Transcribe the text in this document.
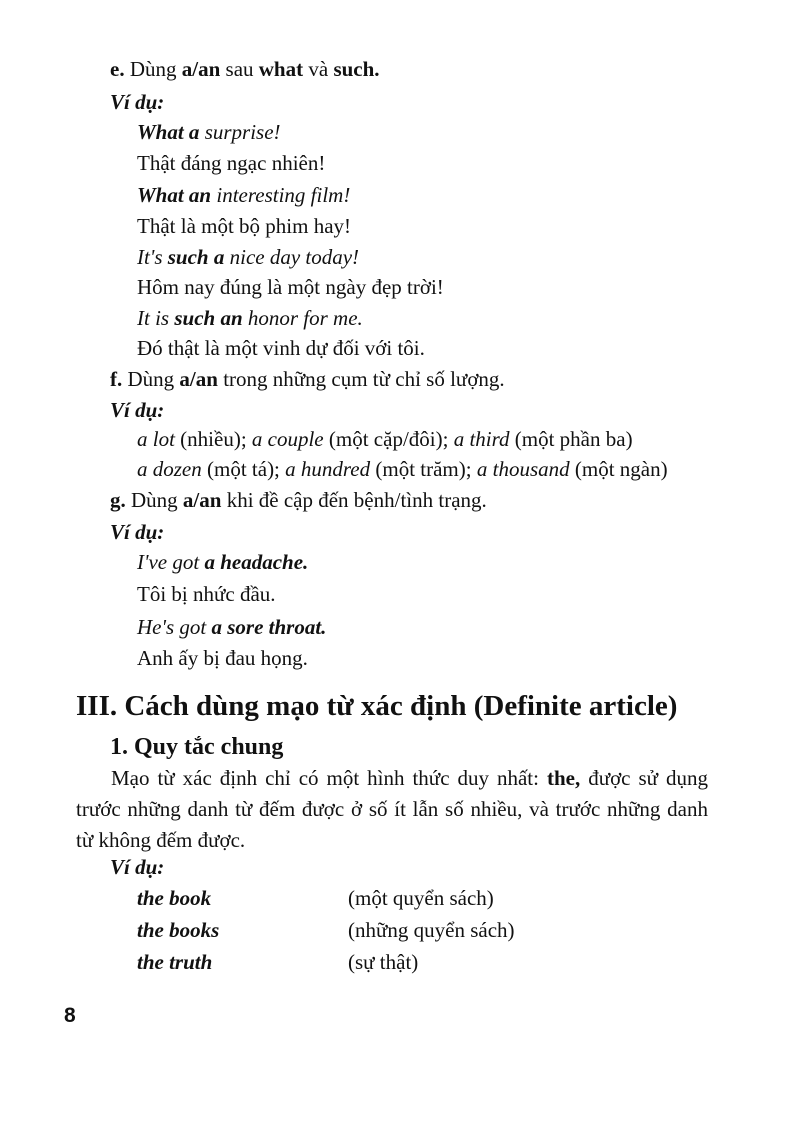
e. Dùng a/an sau what và such.
Ví dụ:
What a surprise!
Thật đáng ngạc nhiên!
What an interesting film!
Thật là một bộ phim hay!
It's such a nice day today!
Hôm nay đúng là một ngày đẹp trời!
It is such an honor for me.
Đó thật là một vinh dự đối với tôi.
f. Dùng a/an trong những cụm từ chỉ số lượng.
Ví dụ:
a lot (nhiều); a couple (một cặp/đôi); a third (một phần ba)
a dozen (một tá); a hundred (một trăm); a thousand (một ngàn)
g. Dùng a/an khi đề cập đến bệnh/tình trạng.
Ví dụ:
I've got a headache.
Tôi bị nhức đầu.
He's got a sore throat.
Anh ấy bị đau họng.
III. Cách dùng mạo từ xác định (Definite article)
1. Quy tắc chung
Mạo từ xác định chỉ có một hình thức duy nhất: the, được sử dụng trước những danh từ đếm được ở số ít lẫn số nhiều, và trước những danh từ không đếm được.
Ví dụ:
the book	(một quyển sách)
the books	(những quyển sách)
the truth	(sự thật)
8
